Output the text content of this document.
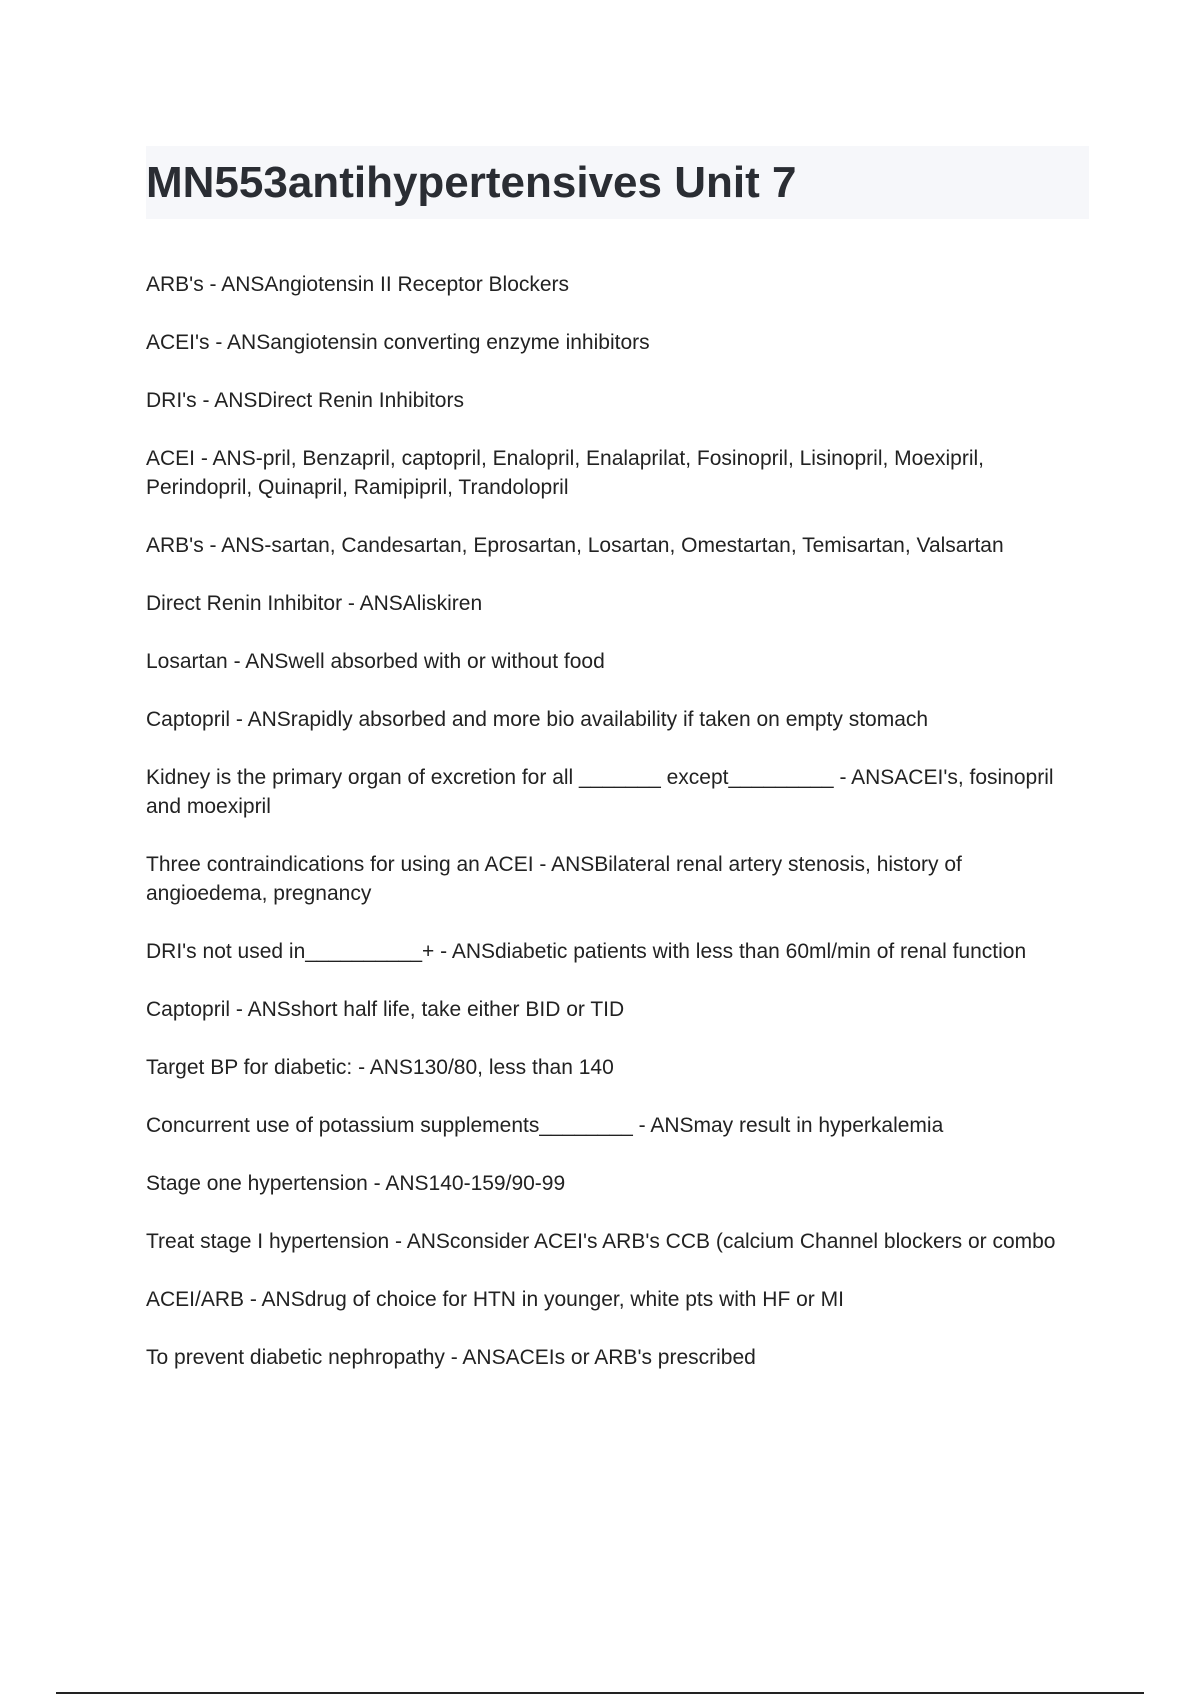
MN553antihypertensives Unit 7

ARB's - ANSAngiotensin II Receptor Blockers

ACEI's - ANSangiotensin converting enzyme inhibitors

DRI's - ANSDirect Renin Inhibitors

ACEI - ANS-pril, Benzapril, captopril, Enalopril, Enalaprilat, Fosinopril, Lisinopril, Moexipril, Perindopril, Quinapril, Ramipipril, Trandolopril

ARB's - ANS-sartan, Candesartan, Eprosartan, Losartan, Omestartan, Temisartan, Valsartan

Direct Renin Inhibitor - ANSAliskiren

Losartan - ANSwell absorbed with or without food

Captopril - ANSrapidly absorbed and more bio availability if taken on empty stomach

Kidney is the primary organ of excretion for all _______ except_________ - ANSACEI's, fosinopril and moexipril

Three contraindications for using an ACEI - ANSBilateral renal artery stenosis, history of angioedema, pregnancy

DRI's not used in__________+ - ANSdiabetic patients with less than 60ml/min of renal function

Captopril - ANSshort half life, take either BID or TID

Target BP for diabetic: - ANS130/80, less than 140

Concurrent use of potassium supplements________ - ANSmay result in hyperkalemia

Stage one hypertension - ANS140-159/90-99

Treat stage I hypertension - ANSconsider ACEI's ARB's CCB (calcium Channel blockers or combo

ACEI/ARB - ANSdrug of choice for HTN in younger, white pts with HF or MI

To prevent diabetic nephropathy - ANSACEIs or ARB's prescribed
